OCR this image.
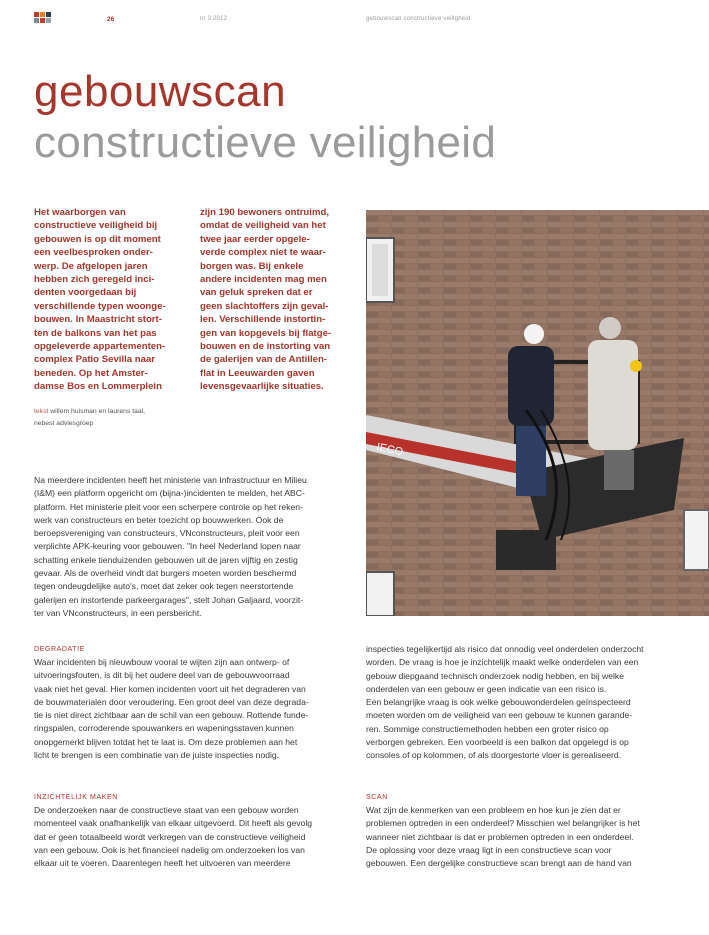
26	nr 3 2012	gebouwscan constructieve veiligheid
gebouwscan
constructieve veiligheid

Het waarborgen van
constructieve veiligheid bij
gebouwen is op dit moment
een veelbesproken onder-
werp. De afgelopen jaren
hebben zich geregeld inci-
denten voorgedaan bij
verschillende typen woonge-
bouwen. In Maastricht stort-
ten de balkons van het pas
opgeleverde appartementen-
complex Patio Sevilla naar
beneden. Op het Amster-
damse Bos en Lommerplein

zijn 190 bewoners ontruimd,
omdat de veiligheid van het
twee jaar eerder opgele-
verde complex niet te waar-
borgen was. Bij enkele
andere incidenten mag men
van geluk spreken dat er
geen slachtoffers zijn geval-
len. Verschillende instortin-
gen van kopgevels bij flatge-
bouwen en de instorting van
de galerijen van de Antillen-
flat in Leeuwarden gaven
levensgevaarlijke situaties.

tekst willem huisman en laurens taal,
nebest adviesgroep
IECO
Na meerdere incidenten heeft het ministerie van Infrastructuur en Milieu
(I&M) een platform opgericht om (bijna-)incidenten te melden, het ABC-
platform. Het ministerie pleit voor een scherpere controle op het reken-
werk van constructeurs en beter toezicht op bouwwerken. Ook de
beroepsvereniging van constructeurs, VNconstructeurs, pleit voor een
verplichte APK-keuring voor gebouwen. "In heel Nederland lopen naar
schatting enkele tienduizenden gebouwen uit de jaren vijftig en zestig
gevaar. Als de overheid vindt dat burgers moeten worden beschermd
tegen ondeugdelijke auto's, moet dat zeker ook tegen neerstortende
galerijen en instortende parkeergarages", stelt Johan Galjaard, voorzit-
ter van VNconstructeurs, in een persbericht.
DEGRADATIE

Waar incidenten bij nieuwbouw vooral te wijten zijn aan ontwerp- of
uitvoeringsfouten, is dit bij het oudere deel van de gebouwvoorraad
vaak niet het geval. Hier komen incidenten voort uit het degraderen van
de bouwmaterialen door veroudering. Een groot deel van deze degrada-
tie is niet direct zichtbaar aan de schil van een gebouw. Rottende funde-
ringspalen, corroderende spouwankers en wapeningsstaven kunnen
onopgemerkt blijven totdat het te laat is. Om deze problemen aan het
licht te brengen is een combinatie van de juiste inspecties nodig.

INZICHTELIJK MAKEN

De onderzoeken naar de constructieve staat van een gebouw worden
momenteel vaak onafhankelijk van elkaar uitgevoerd. Dit heeft als gevolg
dat er geen totaalbeeld wordt verkregen van de constructieve veiligheid
van een gebouw. Ook is het financieel nadelig om onderzoeken los van
elkaar uit te voeren. Daarentegen heeft het uitvoeren van meerdere

inspecties tegelijkertijd als risico dat onnodig veel onderdelen onderzocht
worden. De vraag is hoe je inzichtelijk maakt welke onderdelen van een
gebouw diepgaand technisch onderzoek nodig hebben, en bij welke
onderdelen van een gebouw er geen indicatie van een risico is.
Een belangrijke vraag is ook welke gebouwonderdelen geïnspecteerd
moeten worden om de veiligheid van een gebouw te kunnen garande-
ren. Sommige constructiemethoden hebben een groter risico op
verborgen gebreken. Een voorbeeld is een balkon dat opgelegd is op
consoles of op kolommen, of als doorgestorte vloer is gerealiseerd.

SCAN

Wat zijn de kenmerken van een probleem en hoe kun je zien dat er
problemen optreden in een onderdeel? Misschien wel belangrijker is het
wanneer niet zichtbaar is dat er problemen optreden in een onderdeel.
De oplossing voor deze vraag ligt in een constructieve scan voor
gebouwen. Een dergelijke constructieve scan brengt aan de hand van
